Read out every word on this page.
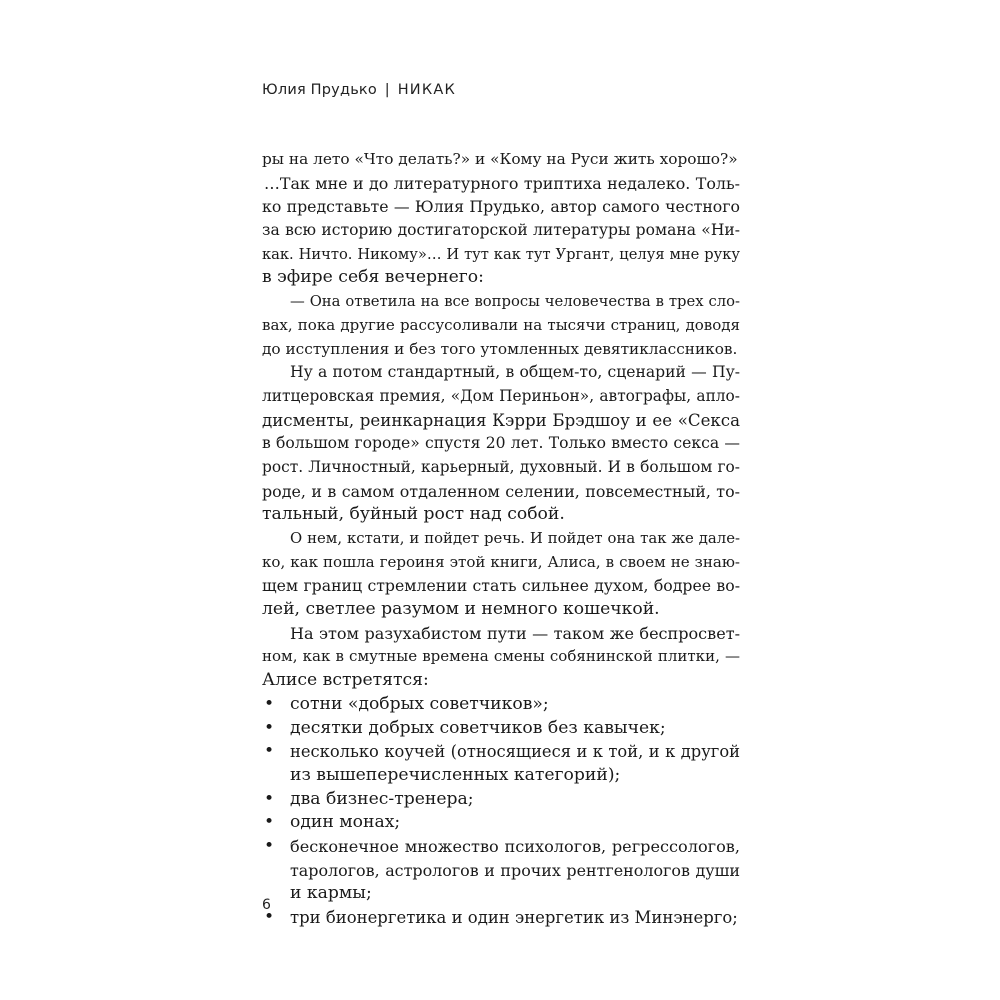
Юлия Прудько | НИКАК
ры на лето «Что делать?» и «Кому на Руси жить хорошо?»
…Так мне и до литературного триптиха недалеко. Толь-
ко представьте — Юлия Прудько, автор самого честного
за всю историю достигаторской литературы романа «Ни-
как. Ничто. Никому»… И тут как тут Ургант, целуя мне руку
в эфире себя вечернего:
— Она ответила на все вопросы человечества в трех сло-
вах, пока другие рассусоливали на тысячи страниц, доводя
до исступления и без того утомленных девятиклассников.
Ну а потом стандартный, в общем-то, сценарий — Пу-
литцеровская премия, «Дом Периньон», автографы, апло-
дисменты, реинкарнация Кэрри Брэдшоу и ее «Секса
в большом городе» спустя 20 лет. Только вместо секса —
рост. Личностный, карьерный, духовный. И в большом го-
роде, и в самом отдаленном селении, повсеместный, то-
тальный, буйный рост над собой.
О нем, кстати, и пойдет речь. И пойдет она так же дале-
ко, как пошла героиня этой книги, Алиса, в своем не знаю-
щем границ стремлении стать сильнее духом, бодрее во-
лей, светлее разумом и немного кошечкой.
На этом разухабистом пути — таком же беспросвет-
ном, как в смутные времена смены собянинской плитки, —
Алисе встретятся:
• сотни «добрых советчиков»;
• десятки добрых советчиков без кавычек;
• несколько коучей (относящиеся и к той, и к другой
из вышеперечисленных категорий);
• два бизнес-тренера;
• один монах;
• бесконечное множество психологов, регрессологов,
тарологов, астрологов и прочих рентгенологов души
и кармы;
• три бионергетика и один энергетик из Минэнерго;
6
